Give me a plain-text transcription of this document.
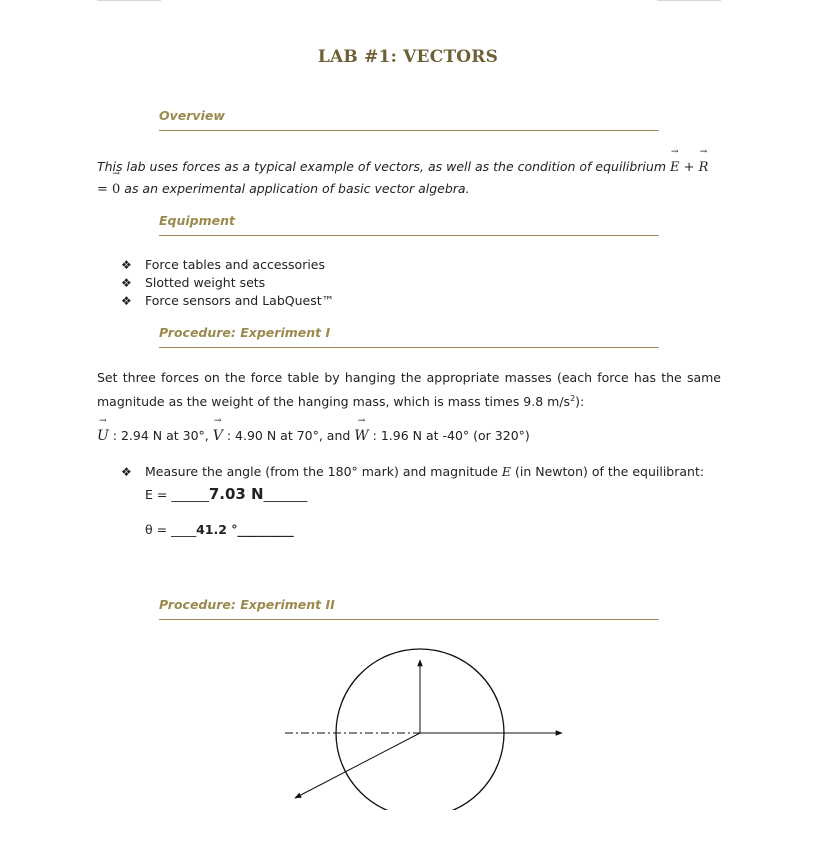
LAB #1: VECTORS
Overview
This lab uses forces as a typical example of vectors, as well as the condition of equilibrium → E + → R = → 0 as an experimental application of basic vector algebra.
Equipment
❖ Force tables and accessories
❖ Slotted weight sets
❖ Force sensors and LabQuest™
Procedure: Experiment I
Set three forces on the force table by hanging the appropriate masses (each force has the same magnitude as the weight of the hanging mass, which is mass times 9.8 $m/s^2$):
→ U : 2.94 N at 30°, → V : 4.90 N at 70°, and → W : 1.96 N at -40° (or 320°)
❖ Measure the angle (from the 180° mark) and magnitude E (in Newton) of the equilibrant:
E = ______7.03 N_______
θ = ____41.2 °_________
Procedure: Experiment II
